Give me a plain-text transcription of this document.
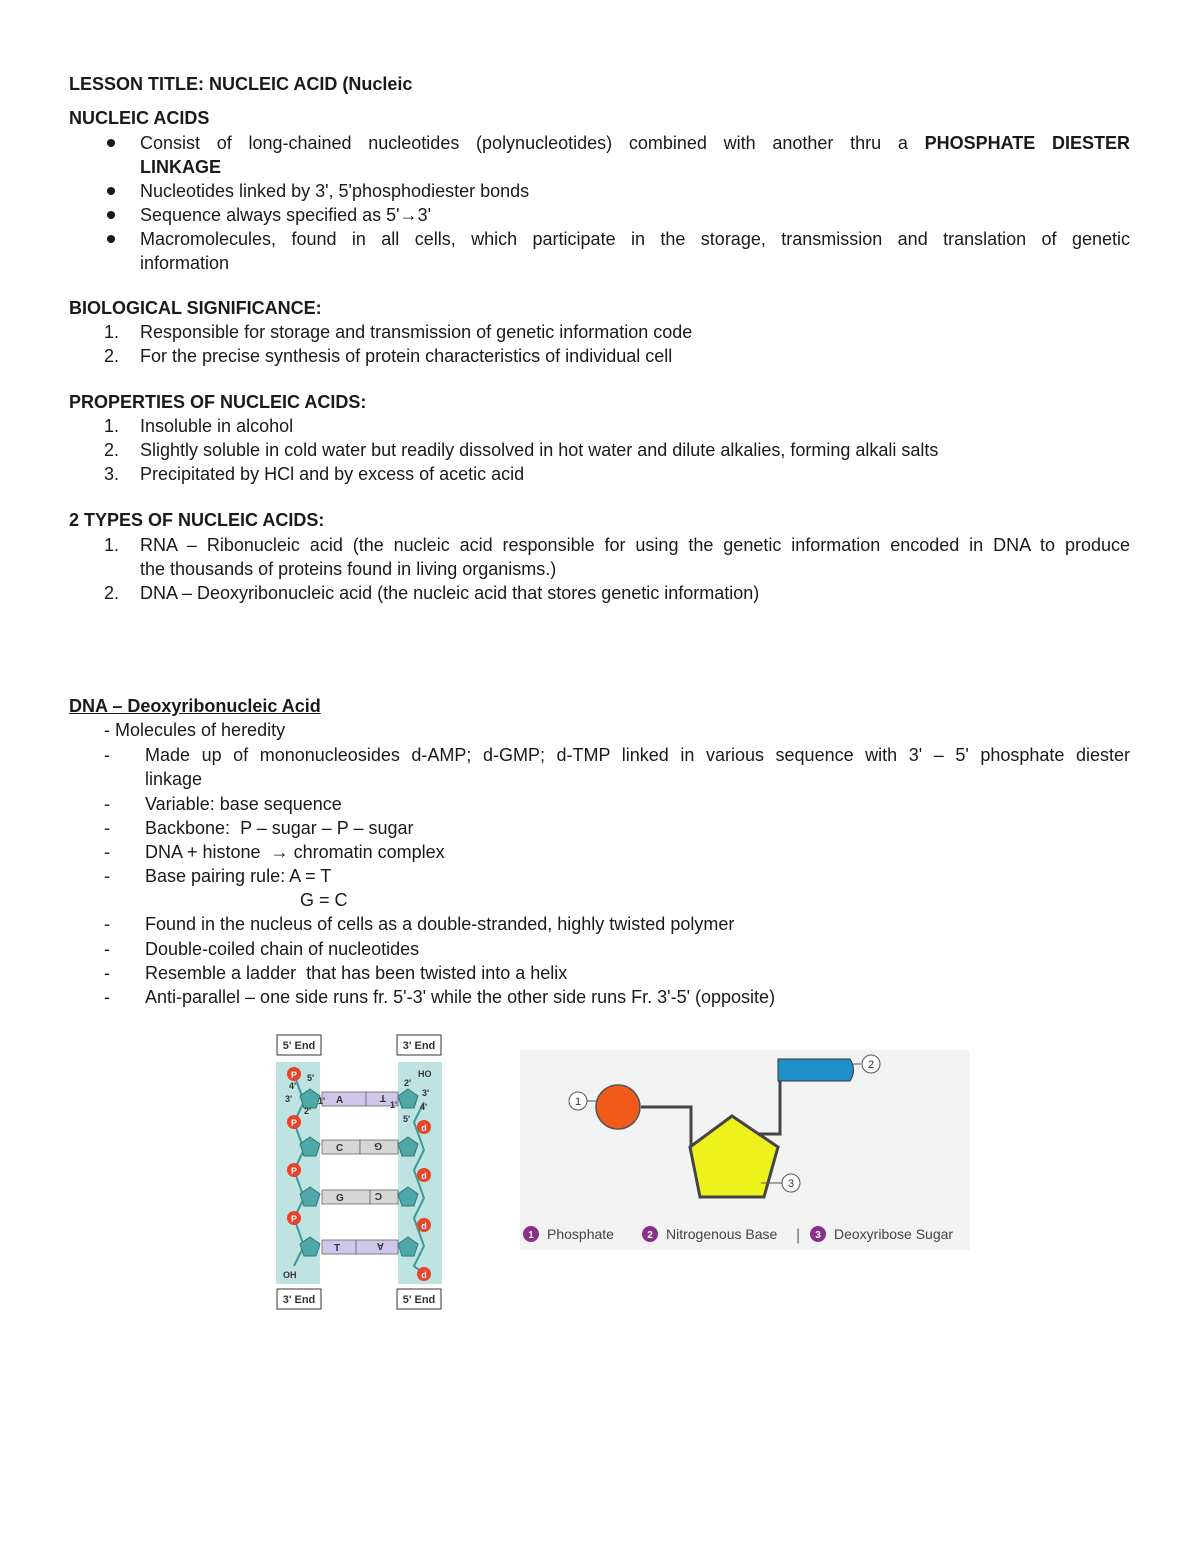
LESSON TITLE: NUCLEIC ACID (Nucleic
NUCLEIC ACIDS
Consist of long-chained nucleotides (polynucleotides) combined with another thru a PHOSPHATE DIESTER
LINKAGE
Nucleotides linked by 3', 5'phosphodiester bonds
Sequence always specified as 5'→3'
Macromolecules, found in all cells, which participate in the storage, transmission and translation of genetic
information
BIOLOGICAL SIGNIFICANCE:
1.	Responsible for storage and transmission of genetic information code
2.	For the precise synthesis of protein characteristics of individual cell
PROPERTIES OF NUCLEIC ACIDS:
1.	Insoluble in alcohol
2.	Slightly soluble in cold water but readily dissolved in hot water and dilute alkalies, forming alkali salts
3.	Precipitated by HCl and by excess of acetic acid
2 TYPES OF NUCLEIC ACIDS:
1.	RNA – Ribonucleic acid (the nucleic acid responsible for using the genetic information encoded in DNA to produce
the thousands of proteins found in living organisms.)
2.	DNA – Deoxyribonucleic acid (the nucleic acid that stores genetic information)
DNA – Deoxyribonucleic Acid
- Molecules of heredity
- Made up of mononucleosides d-AMP; d-GMP; d-TMP linked in various sequence with 3' – 5' phosphate diester
linkage
- Variable: base sequence
- Backbone:  P – sugar – P – sugar
- DNA + histone  → chromatin complex
- Base pairing rule: A = T
G = C
- Found in the nucleus of cells as a double-stranded, highly twisted polymer
- Double-coiled chain of nucleotides
- Resemble a ladder  that has been twisted into a helix
- Anti-parallel – one side runs fr. 5'-3' while the other side runs Fr. 3'-5' (opposite)
5' End	3' End
3' End	5' End
A	T
C	G
G	C
T	A
P
P
P
P
d
d
d
d
5'
4'
3'
2'
1'
2'
3'
4'
5'
1'
OH
HO
1
2
3
1 Phosphate	2 Nitrogenous Base | 3 Deoxyribose Sugar
